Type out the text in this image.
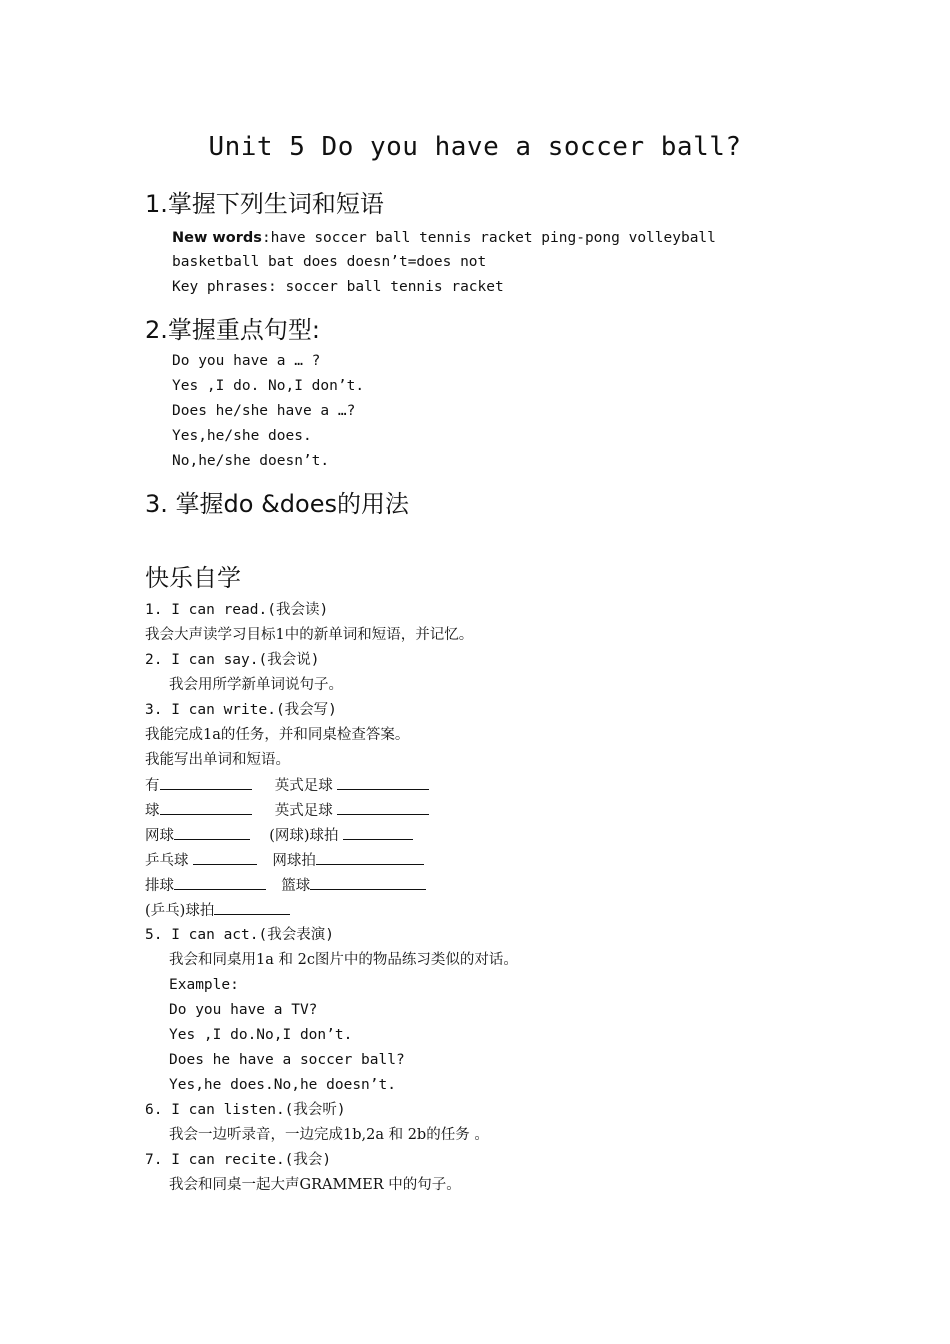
Unit 5 Do you have a soccer ball?
1.掌握下列生词和短语
New words:have soccer ball tennis racket ping-pong volleyball
basketball bat does doesn’t=does not
Key phrases: soccer ball tennis racket
2.掌握重点句型:
Do you have a … ?
Yes ,I do. No,I don’t.
Does he/she have a …?
Yes,he/she does.
No,he/she doesn’t.
3. 掌握do &does的用法
快乐自学
1. I can read.(我会读)
我会大声读学习目标1中的新单词和短语，并记忆。
2. I can say.(我会说)
我会用所学新单词说句子。
3. I can write.(我会写)
我能完成1a的任务，并和同桌检查答案。
我能写出单词和短语。
有	英式足球
球	英式足球
网球	(网球)球拍
乒乓球	网球拍
排球	篮球
(乒乓)球拍
5. I can act.(我会表演)
我会和同桌用1a 和 2c图片中的物品练习类似的对话。
Example:
Do you have a TV?
Yes ,I do.No,I don’t.
Does he have a soccer ball?
Yes,he does.No,he doesn’t.
6. I can listen.(我会听)
我会一边听录音，一边完成1b,2a 和 2b的任务 。
7. I can recite.(我会)
我会和同桌一起大声GRAMMER 中的句子。
